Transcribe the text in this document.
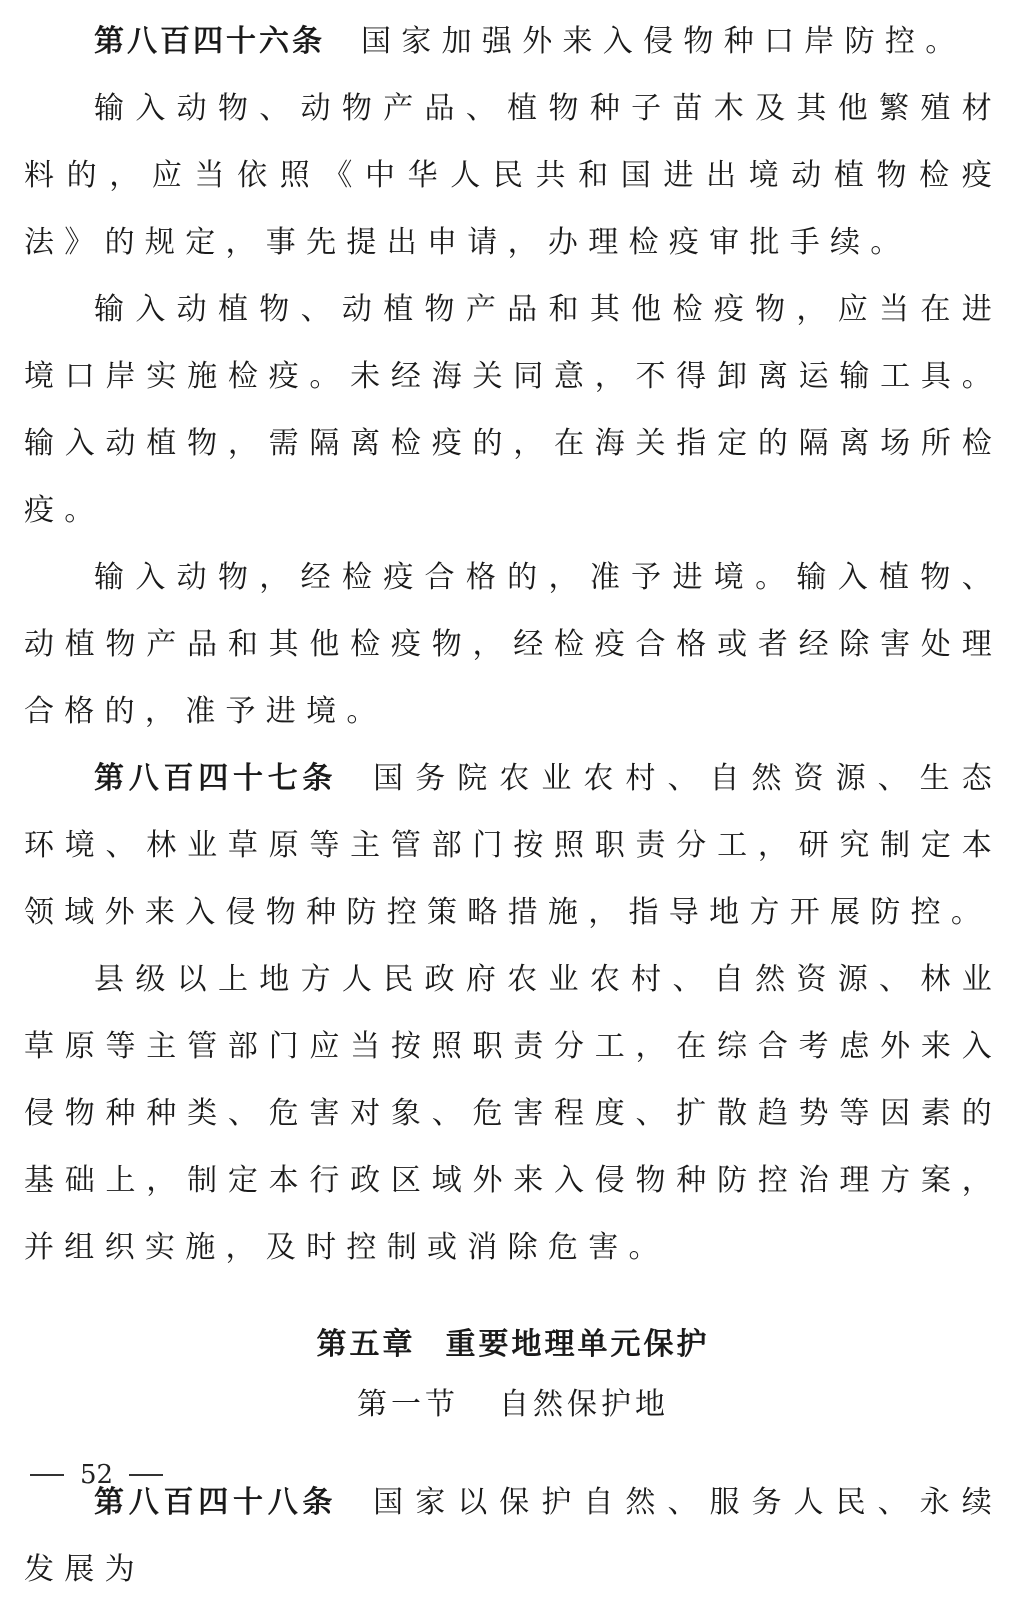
第八百四十六条 国家加强外来入侵物种口岸防控。

输入动物、动物产品、植物种子苗木及其他繁殖材料的，应当依照《中华人民共和国进出境动植物检疫法》的规定，事先提出申请，办理检疫审批手续。

输入动植物、动植物产品和其他检疫物，应当在进境口岸实施检疫。未经海关同意，不得卸离运输工具。输入动植物，需隔离检疫的，在海关指定的隔离场所检疫。

输入动物，经检疫合格的，准予进境。输入植物、动植物产品和其他检疫物，经检疫合格或者经除害处理合格的，准予进境。

第八百四十七条 国务院农业农村、自然资源、生态环境、林业草原等主管部门按照职责分工，研究制定本领域外来入侵物种防控策略措施，指导地方开展防控。

县级以上地方人民政府农业农村、自然资源、林业草原等主管部门应当按照职责分工，在综合考虑外来入侵物种种类、危害对象、危害程度、扩散趋势等因素的基础上，制定本行政区域外来入侵物种防控治理方案，并组织实施，及时控制或消除危害。

第五章 重要地理单元保护

第一节 自然保护地

第八百四十八条 国家以保护自然、服务人民、永续发展为

52
